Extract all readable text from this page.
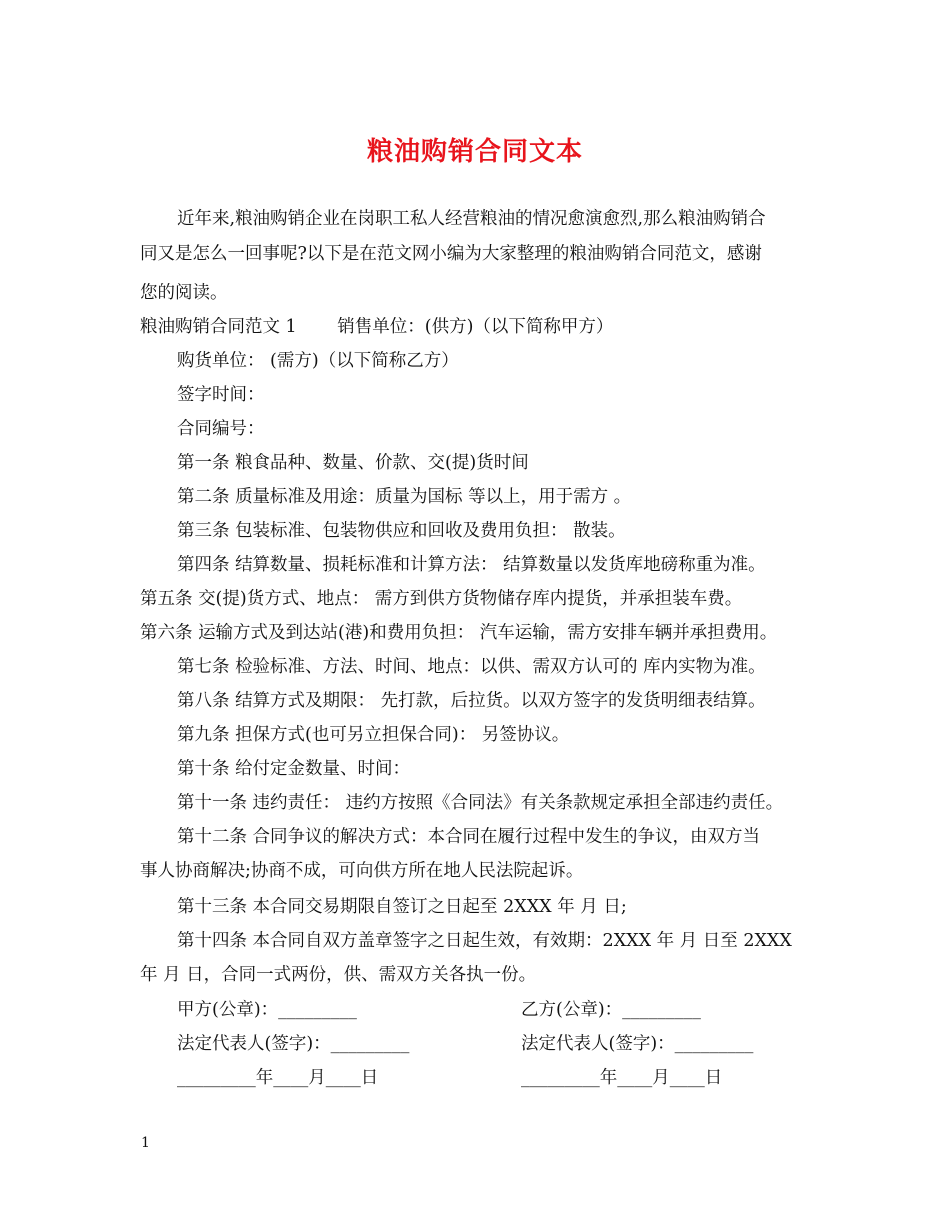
粮油购销合同文本
近年来,粮油购销企业在岗职工私人经营粮油的情况愈演愈烈,那么粮油购销合
同又是怎么一回事呢?以下是在范文网小编为大家整理的粮油购销合同范文，感谢
您的阅读。
粮油购销合同范文 1　　 销售单位：(供方)（以下简称甲方）
购货单位： (需方)（以下简称乙方）
签字时间：
合同编号：
第一条 粮食品种、数量、价款、交(提)货时间
第二条 质量标准及用途：质量为国标 等以上，用于需方 。
第三条 包装标准、包装物供应和回收及费用负担： 散装。
第四条 结算数量、损耗标准和计算方法： 结算数量以发货库地磅称重为准。
第五条 交(提)货方式、地点： 需方到供方货物储存库内提货，并承担装车费。
第六条 运输方式及到达站(港)和费用负担： 汽车运输，需方安排车辆并承担费用。
第七条 检验标准、方法、时间、地点：以供、需双方认可的 库内实物为准。
第八条 结算方式及期限： 先打款，后拉货。以双方签字的发货明细表结算。
第九条 担保方式(也可另立担保合同)： 另签协议。
第十条 给付定金数量、时间：
第十一条 违约责任： 违约方按照《合同法》有关条款规定承担全部违约责任。
第十二条 合同争议的解决方式：本合同在履行过程中发生的争议，由双方当
事人协商解决;协商不成，可向供方所在地人民法院起诉。
第十三条 本合同交易期限自签订之日起至 2XXX 年 月 日;
第十四条 本合同自双方盖章签字之日起生效，有效期：2XXX 年 月 日至 2XXX
年 月 日，合同一式两份，供、需双方关各执一份。
甲方(公章)：_________	乙方(公章)：_________
法定代表人(签字)：_________	法定代表人(签字)：_________
_________年____月____日	_________年____月____日
1
